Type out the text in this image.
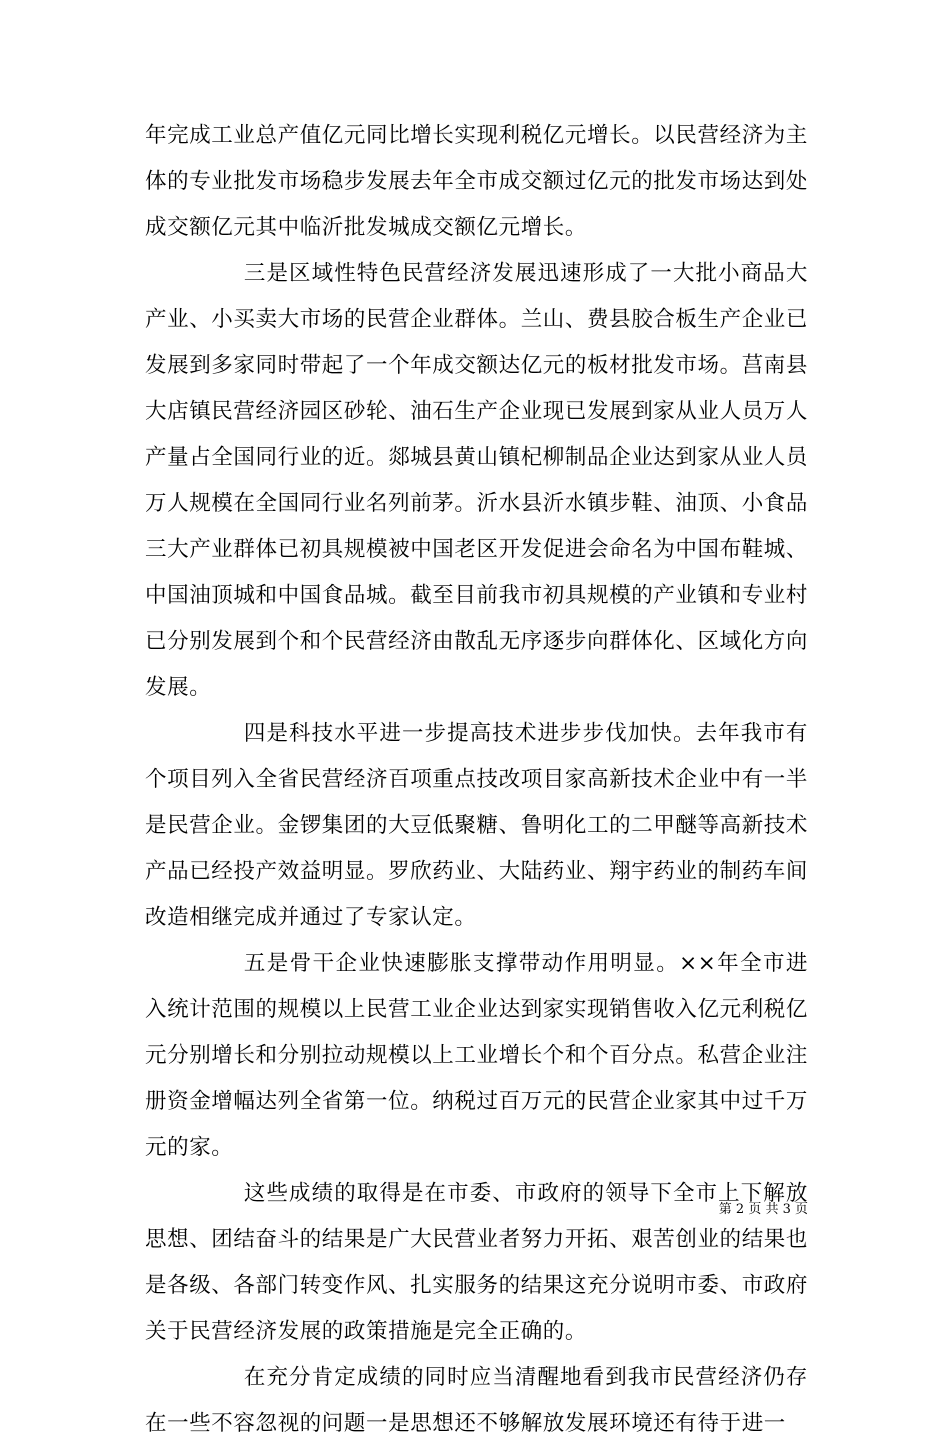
年完成工业总产值亿元同比增长实现利税亿元增长。以民营经济为主体的专业批发市场稳步发展去年全市成交额过亿元的批发市场达到处成交额亿元其中临沂批发城成交额亿元增长。

三是区域性特色民营经济发展迅速形成了一大批小商品大产业、小买卖大市场的民营企业群体。兰山、费县胶合板生产企业已发展到多家同时带起了一个年成交额达亿元的板材批发市场。莒南县大店镇民营经济园区砂轮、油石生产企业现已发展到家从业人员万人产量占全国同行业的近。郯城县黄山镇杞柳制品企业达到家从业人员万人规模在全国同行业名列前茅。沂水县沂水镇步鞋、油顶、小食品三大产业群体已初具规模被中国老区开发促进会命名为中国布鞋城、中国油顶城和中国食品城。截至目前我市初具规模的产业镇和专业村已分别发展到个和个民营经济由散乱无序逐步向群体化、区域化方向发展。

四是科技水平进一步提高技术进步步伐加快。去年我市有个项目列入全省民营经济百项重点技改项目家高新技术企业中有一半是民营企业。金锣集团的大豆低聚糖、鲁明化工的二甲醚等高新技术产品已经投产效益明显。罗欣药业、大陆药业、翔宇药业的制药车间改造相继完成并通过了专家认定。

五是骨干企业快速膨胀支撑带动作用明显。××年全市进入统计范围的规模以上民营工业企业达到家实现销售收入亿元利税亿元分别增长和分别拉动规模以上工业增长个和个百分点。私营企业注册资金增幅达列全省第一位。纳税过百万元的民营企业家其中过千万元的家。

这些成绩的取得是在市委、市政府的领导下全市上下解放思想、团结奋斗的结果是广大民营业者努力开拓、艰苦创业的结果也是各级、各部门转变作风、扎实服务的结果这充分说明市委、市政府关于民营经济发展的政策措施是完全正确的。

在充分肯定成绩的同时应当清醒地看到我市民营经济仍存在一些不容忽视的问题一是思想还不够解放发展环境还有待于进一

第 2 页 共 3 页
